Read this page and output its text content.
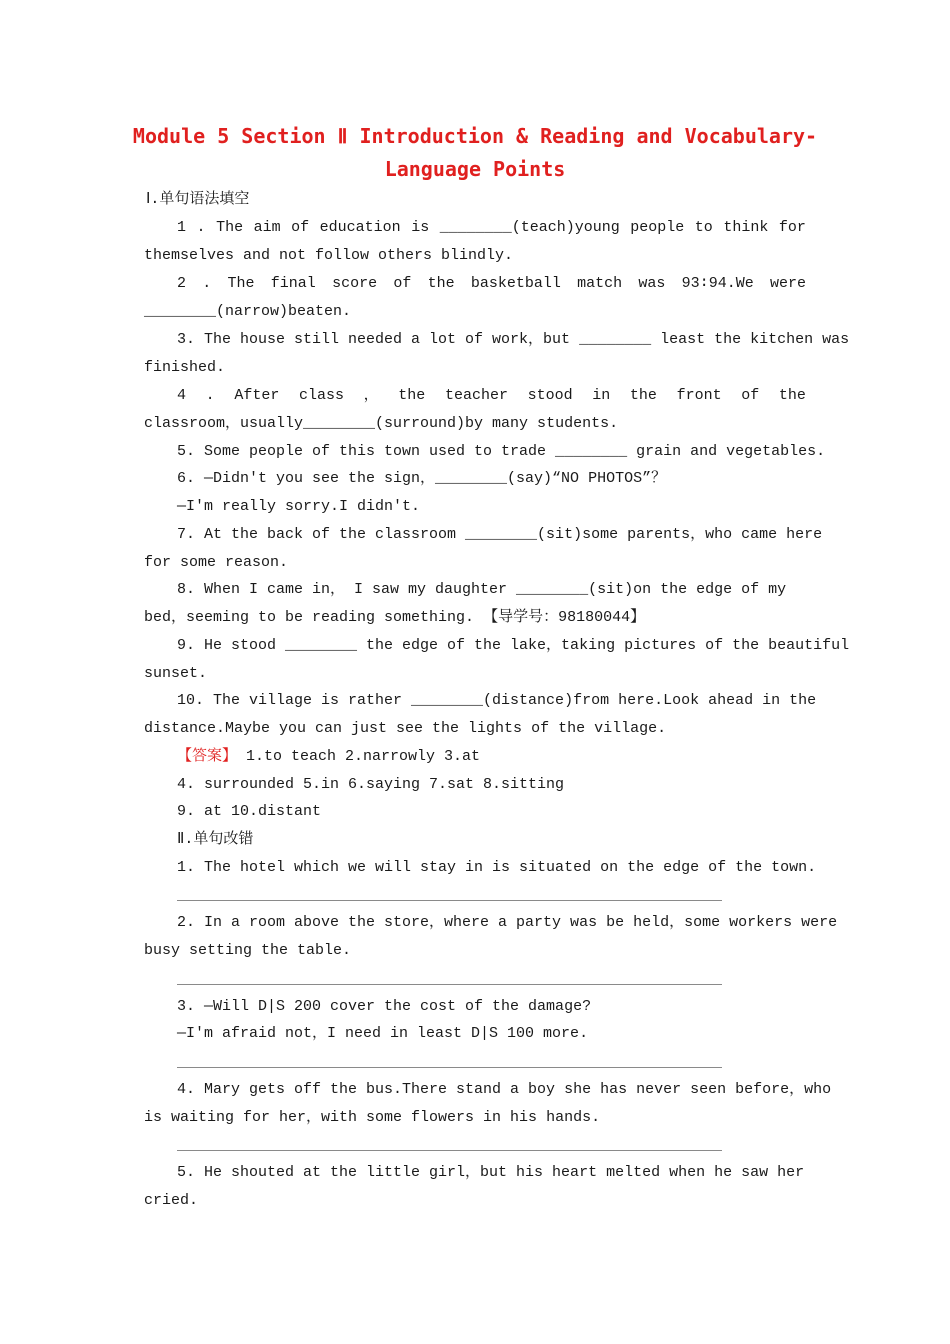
Module 5 Section Ⅱ Introduction & Reading and Vocabulary-
Language Points
Ⅰ.单句语法填空
1 . The aim of education is ________(teach)young people to think for
themselves and not follow others blindly.
2 . The final score of the basketball match was 93∶94.We were
________(narrow)beaten.
3. The house still needed a lot of work，but ________ least the kitchen was
finished.
4 . After class ， the teacher stood in the front of the
classroom，usually________(surround)by many students.
5. Some people of this town used to trade ________ grain and vegetables.
6. —Didn't you see the sign，________(say)“NO PHOTOS”？
—I'm really sorry.I didn't.
7. At the back of the classroom ________(sit)some parents，who came here
for some reason.
8. When I came in， I saw my daughter ________(sit)on the edge of my
bed，seeming to be reading something. 【导学号：98180044】
9. He stood ________ the edge of the lake，taking pictures of the beautiful
sunset.
10. The village is rather ________(distance)from here.Look ahead in the
distance.Maybe you can just see the lights of the village.
【答案】 1.to teach 2.narrowly 3.at
4. surrounded 5.in 6.saying 7.sat 8.sitting
9. at 10.distant
Ⅱ.单句改错
1. The hotel which we will stay in is situated on the edge of the town.
2. In a room above the store，where a party was be held，some workers were
busy setting the table.
3. —Will D|S 200 cover the cost of the damage?
—I'm afraid not，I need in least D|S 100 more.
4. Mary gets off the bus.There stand a boy she has never seen before，who
is waiting for her，with some flowers in his hands.
5. He shouted at the little girl，but his heart melted when he saw her
cried.
